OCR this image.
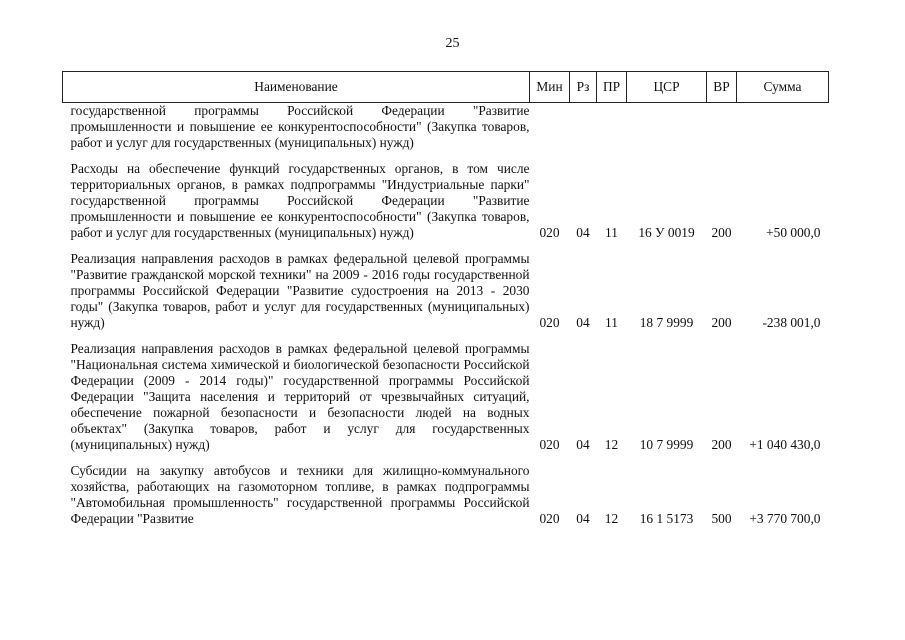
25
Наименование	Мин	Рз	ПР	ЦСР	ВР	Сумма
государственной программы Российской Федерации "Развитие промышленности и повышение ее конкурентоспособности" (Закупка товаров, работ и услуг для государственных (муниципальных) нужд)						

Расходы на обеспечение функций государственных органов, в том числе территориальных органов, в рамках подпрограммы "Индустриальные парки" государственной программы Российской Федерации "Развитие промышленности и повышение ее конкурентоспособности" (Закупка товаров, работ и услуг для государственных (муниципальных) нужд)	020	04	11	16 У 0019	200	+50 000,0

Реализация направления расходов в рамках федеральной целевой программы "Развитие гражданской морской техники" на 2009 - 2016 годы государственной программы Российской Федерации "Развитие судостроения на 2013 - 2030 годы" (Закупка товаров, работ и услуг для государственных (муниципальных) нужд)	020	04	11	18 7 9999	200	-238 001,0

Реализация направления расходов в рамках федеральной целевой программы "Национальная система химической и биологической безопасности Российской Федерации (2009 - 2014 годы)" государственной программы Российской Федерации "Защита населения и территорий от чрезвычайных ситуаций, обеспечение пожарной безопасности и безопасности людей на водных объектах" (Закупка товаров, работ и услуг для государственных (муниципальных) нужд)	020	04	12	10 7 9999	200	+1 040 430,0

Субсидии на закупку автобусов и техники для жилищно-коммунального хозяйства, работающих на газомоторном топливе, в рамках подпрограммы "Автомобильная промышленность" государственной программы Российской Федерации "Развитие	020	04	12	16 1 5173	500	+3 770 700,0
